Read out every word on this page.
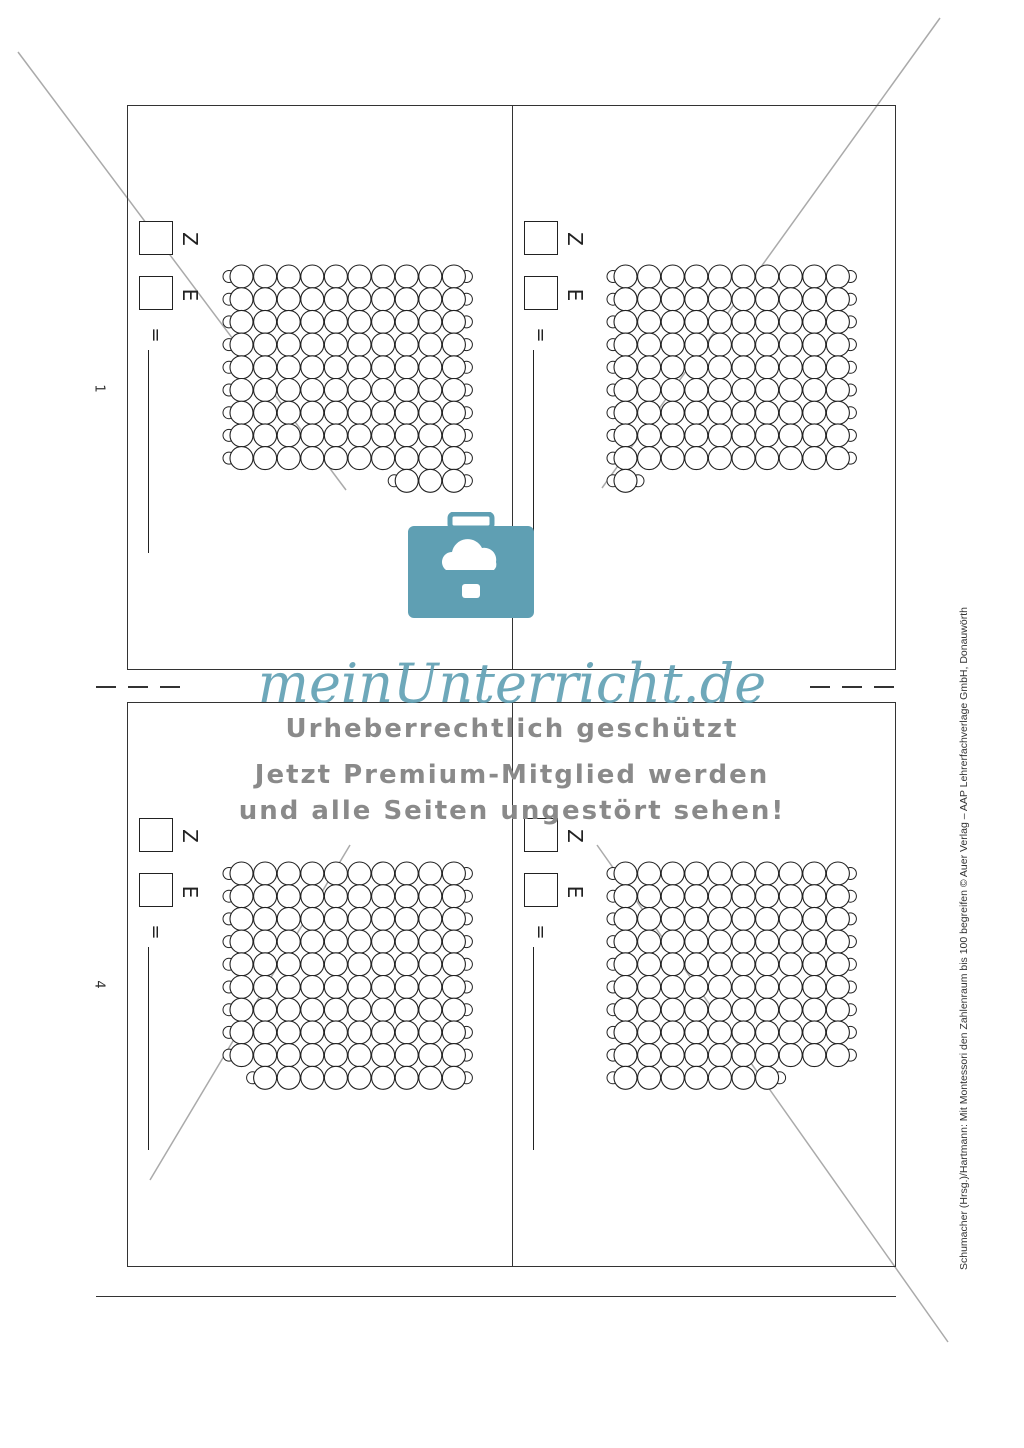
1
Z
E
=
Z
E
=
4
Z
E
=
Z
E
=	Schumacher (Hrsg.)/Hartmann: Mit Montessori den Zahlenraum bis 100 begreifen © Auer Verlag – AAP Lehrerfachverlage GmbH, Donauwörth
meinUnterricht.de
Urheberrechtlich geschützt
Jetzt Premium-Mitglied werden
und alle Seiten ungestört sehen!
